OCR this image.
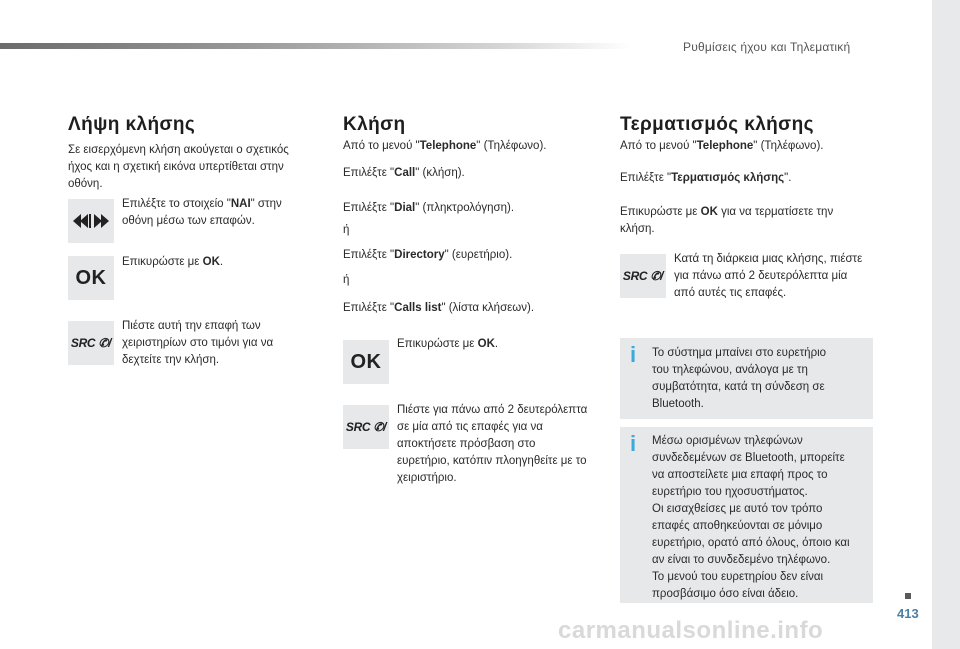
Ρυθμίσεις ήχου και Τηλεματική
413
carmanualsonline.info
Λήψη κλήσης

Σε εισερχόμενη κλήση ακούγεται ο σχετικός

ήχος και η σχετική εικόνα υπερτίθεται στην

οθόνη.

Επιλέξτε το στοιχείο "ΝΑΙ" στην

οθόνη μέσω των επαφών.

OK

Επικυρώστε με OK.

SRC ✆/

Πιέστε αυτή την επαφή των

χειριστηρίων στο τιμόνι για να

δεχτείτε την κλήση.

Κλήση

Από το μενού "Telephone" (Τηλέφωνο).

Επιλέξτε "Call" (κλήση).

Επιλέξτε "Dial" (πληκτρολόγηση).

ή

Επιλέξτε "Directory" (ευρετήριο).

ή

Επιλέξτε "Calls list" (λίστα κλήσεων).

OK

Επικυρώστε με OK.

SRC ✆/

Πιέστε για πάνω από 2 δευτερόλεπτα

σε μία από τις επαφές για να

αποκτήσετε πρόσβαση στο

ευρετήριο, κατόπιν πλοηγηθείτε με το

χειριστήριο.

Τερματισμός κλήσης

Από το μενού "Telephone" (Τηλέφωνο).

Επιλέξτε "Τερματισμός κλήσης".

Επικυρώστε με OK για να τερματίσετε την

κλήση.

SRC ✆/

Κατά τη διάρκεια μιας κλήσης, πιέστε

για πάνω από 2 δευτερόλεπτα μία

από αυτές τις επαφές.

i Το σύστημα μπαίνει στο ευρετήριο

του τηλεφώνου, ανάλογα με τη

συμβατότητα, κατά τη σύνδεση σε

Bluetooth.

i Μέσω ορισμένων τηλεφώνων

συνδεδεμένων σε Bluetooth, μπορείτε

να αποστείλετε μια επαφή προς το

ευρετήριο του ηχοσυστήματος.

Οι εισαχθείσες με αυτό τον τρόπο

επαφές αποθηκεύονται σε μόνιμο

ευρετήριο, ορατό από όλους, όποιο και

αν είναι το συνδεδεμένο τηλέφωνο.

Το μενού του ευρετηρίου δεν είναι

προσβάσιμο όσο είναι άδειο.
